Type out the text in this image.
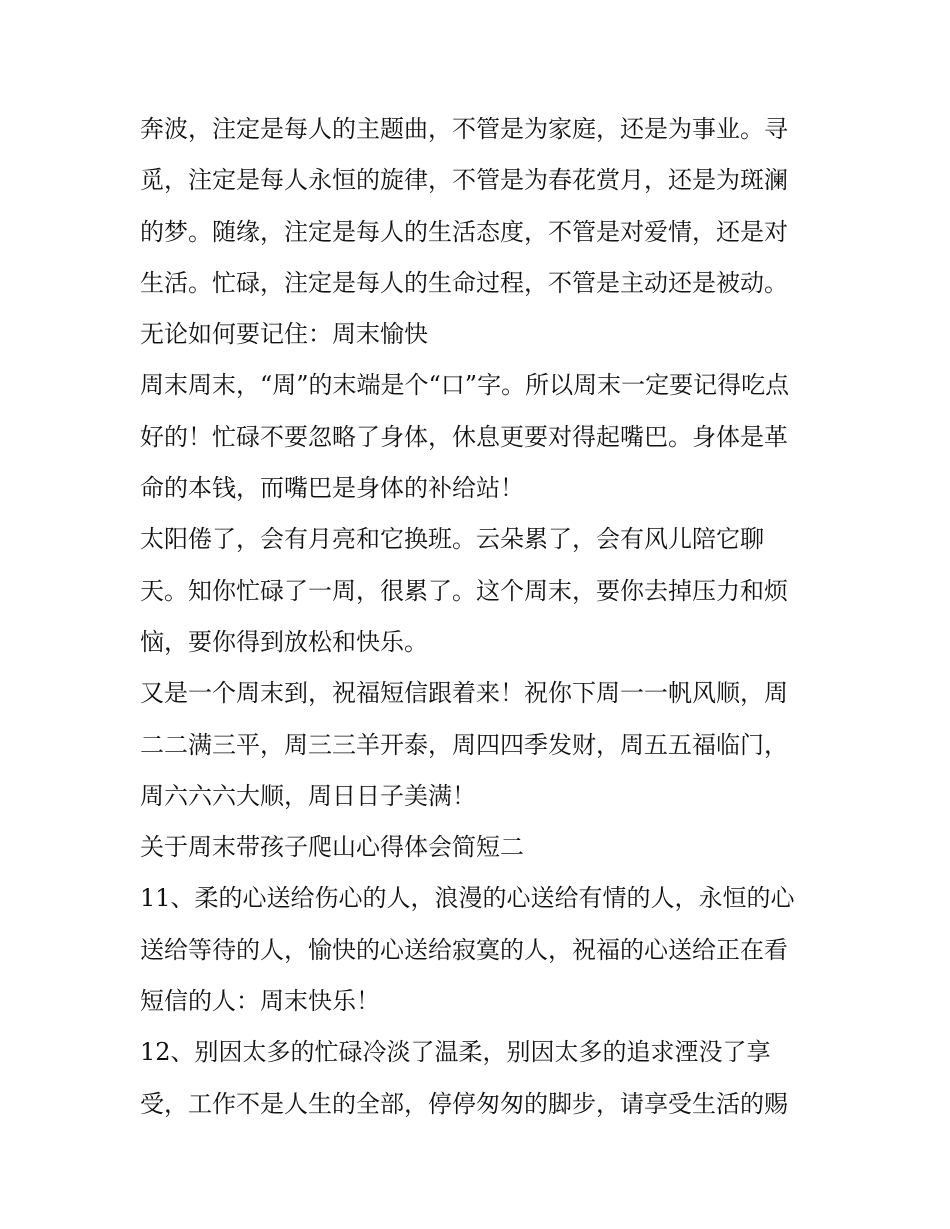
奔波，注定是每人的主题曲，不管是为家庭，还是为事业。寻
觅，注定是每人永恒的旋律，不管是为春花赏月，还是为斑澜
的梦。随缘，注定是每人的生活态度，不管是对爱情，还是对
生活。忙碌，注定是每人的生命过程，不管是主动还是被动。
无论如何要记住：周末愉快
周末周末，“周”的末端是个“口”字。所以周末一定要记得吃点
好的！忙碌不要忽略了身体，休息更要对得起嘴巴。身体是革
命的本钱，而嘴巴是身体的补给站！
太阳倦了，会有月亮和它换班。云朵累了，会有风儿陪它聊
天。知你忙碌了一周，很累了。这个周末，要你去掉压力和烦
恼，要你得到放松和快乐。
又是一个周末到，祝福短信跟着来！祝你下周一一帆风顺，周
二二满三平，周三三羊开泰，周四四季发财，周五五福临门，
周六六六大顺，周日日子美满！
关于周末带孩子爬山心得体会简短二
11、柔的心送给伤心的人，浪漫的心送给有情的人，永恒的心
送给等待的人，愉快的心送给寂寞的人，祝福的心送给正在看
短信的人：周末快乐！
12、别因太多的忙碌冷淡了温柔，别因太多的追求湮没了享
受，工作不是人生的全部，停停匆匆的脚步，请享受生活的赐
